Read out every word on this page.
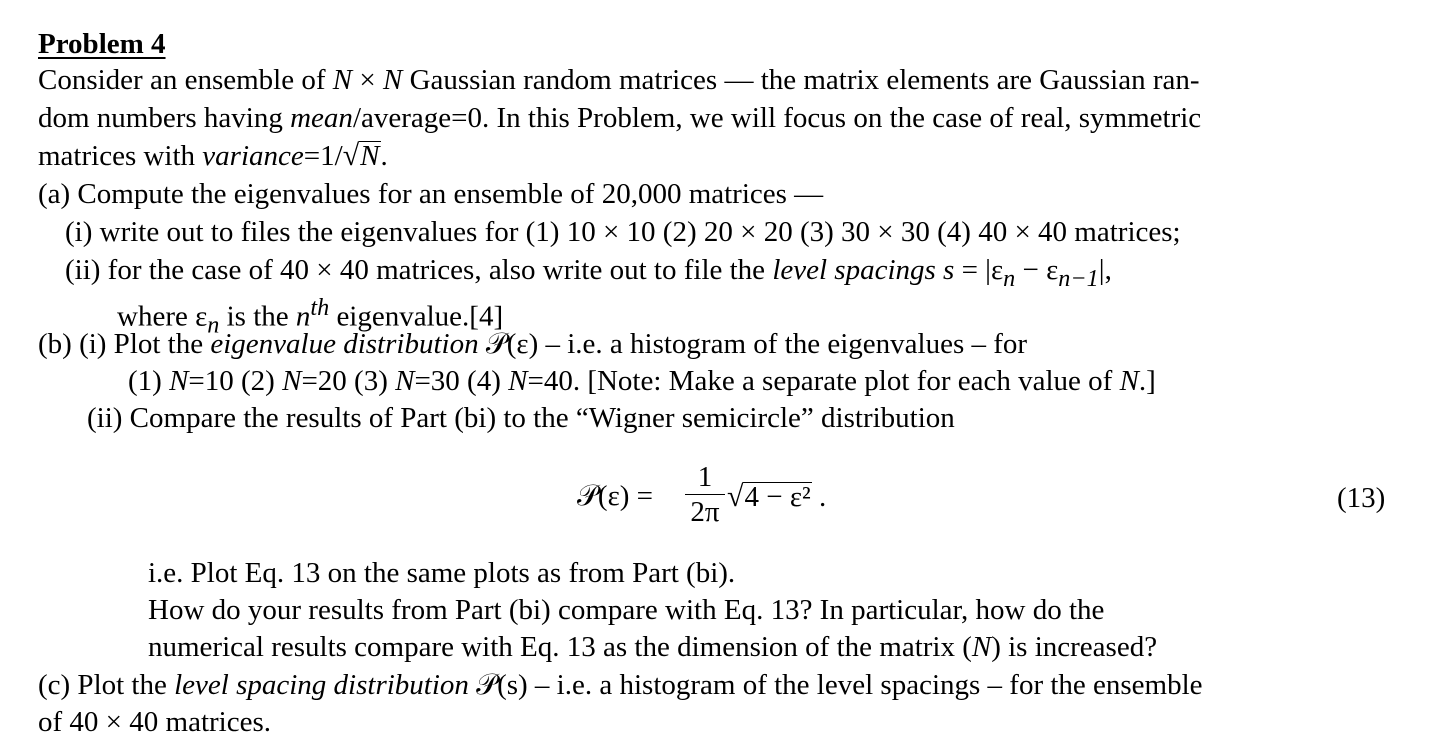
Problem 4
Consider an ensemble of N × N Gaussian random matrices — the matrix elements are Gaussian ran-
dom numbers having mean/average=0. In this Problem, we will focus on the case of real, symmetric
matrices with variance=1/√N.
(a) Compute the eigenvalues for an ensemble of 20,000 matrices —
(i) write out to files the eigenvalues for (1) 10 × 10 (2) 20 × 20 (3) 30 × 30 (4) 40 × 40 matrices;
(ii) for the case of 40 × 40 matrices, also write out to file the level spacings $s = |\varepsilon_n - \varepsilon_{n-1}|$,
where $\varepsilon_n$ is the $n^{th}$ eigenvalue.[4]
(b) (i) Plot the eigenvalue distribution 𝒫(ε) – i.e. a histogram of the eigenvalues – for
(1) N=10 (2) N=20 (3) N=30 (4) N=40. [Note: Make a separate plot for each value of N.]
(ii) Compare the results of Part (bi) to the “Wigner semicircle” distribution
𝒫(ε) =
1
2π √4 − ε² .	(13)
i.e. Plot Eq. 13 on the same plots as from Part (bi).
How do your results from Part (bi) compare with Eq. 13? In particular, how do the
numerical results compare with Eq. 13 as the dimension of the matrix (N) is increased?
(c) Plot the level spacing distribution 𝒫(s) – i.e. a histogram of the level spacings – for the ensemble
of 40 × 40 matrices.
